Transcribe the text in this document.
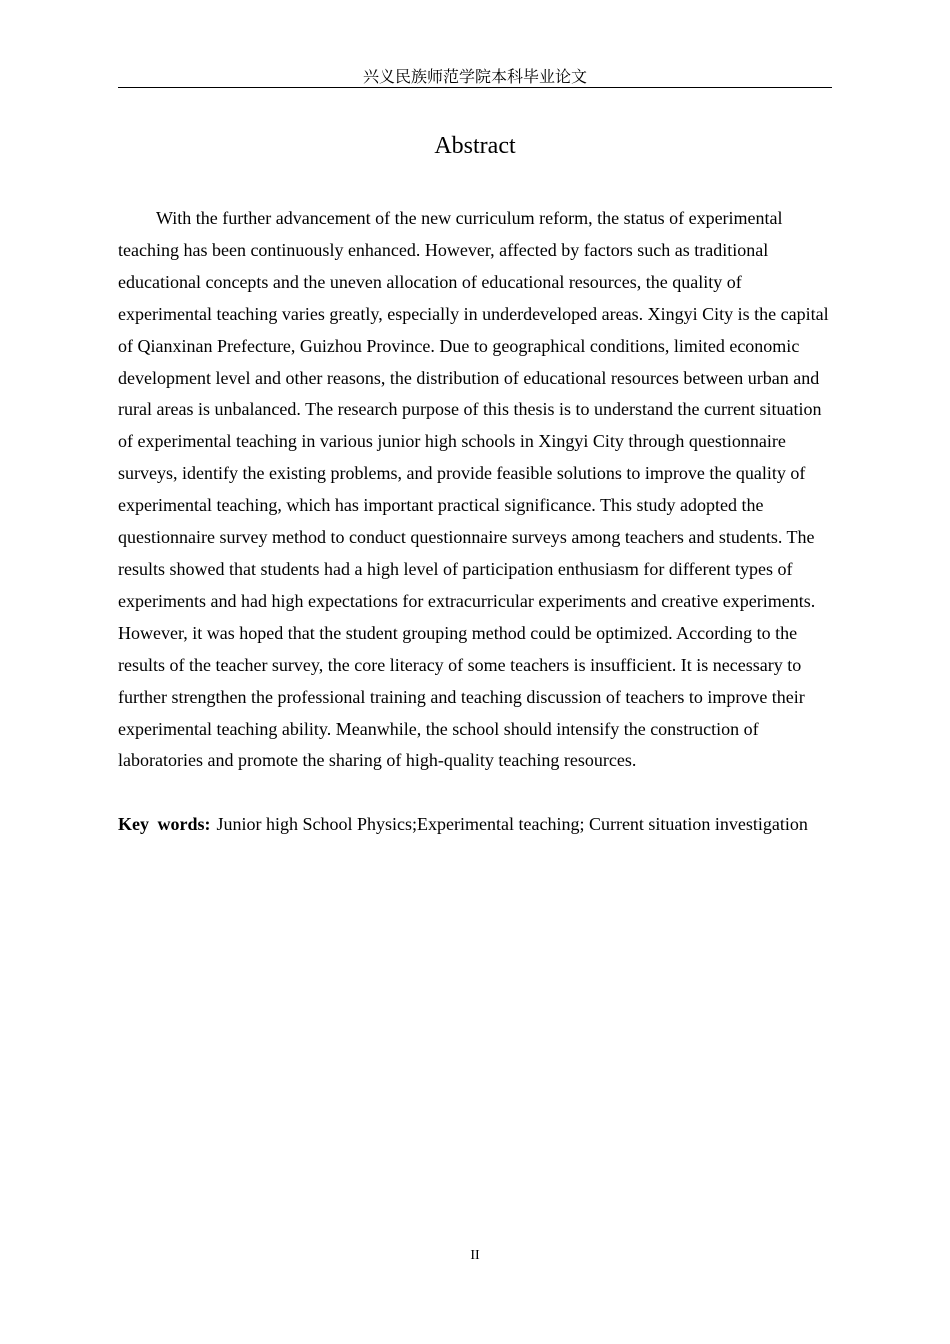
兴义民族师范学院本科毕业论文
Abstract

With the further advancement of the new curriculum reform, the status of experimental teaching has been continuously enhanced. However, affected by factors such as traditional educational concepts and the uneven allocation of educational resources, the quality of experimental teaching varies greatly, especially in underdeveloped areas. Xingyi City is the capital of Qianxinan Prefecture, Guizhou Province. Due to geographical conditions, limited economic development level and other reasons, the distribution of educational resources between urban and rural areas is unbalanced. The research purpose of this thesis is to understand the current situation of experimental teaching in various junior high schools in Xingyi City through questionnaire surveys, identify the existing problems, and provide feasible solutions to improve the quality of experimental teaching, which has important practical significance. This study adopted the questionnaire survey method to conduct questionnaire surveys among teachers and students. The results showed that students had a high level of participation enthusiasm for different types of experiments and had high expectations for extracurricular experiments and creative experiments. However, it was hoped that the student grouping method could be optimized. According to the results of the teacher survey, the core literacy of some teachers is insufficient. It is necessary to further strengthen the professional training and teaching discussion of teachers to improve their experimental teaching ability. Meanwhile, the school should intensify the construction of laboratories and promote the sharing of high-quality teaching resources.

Key words: Junior high School Physics;Experimental teaching; Current situation investigation

II
